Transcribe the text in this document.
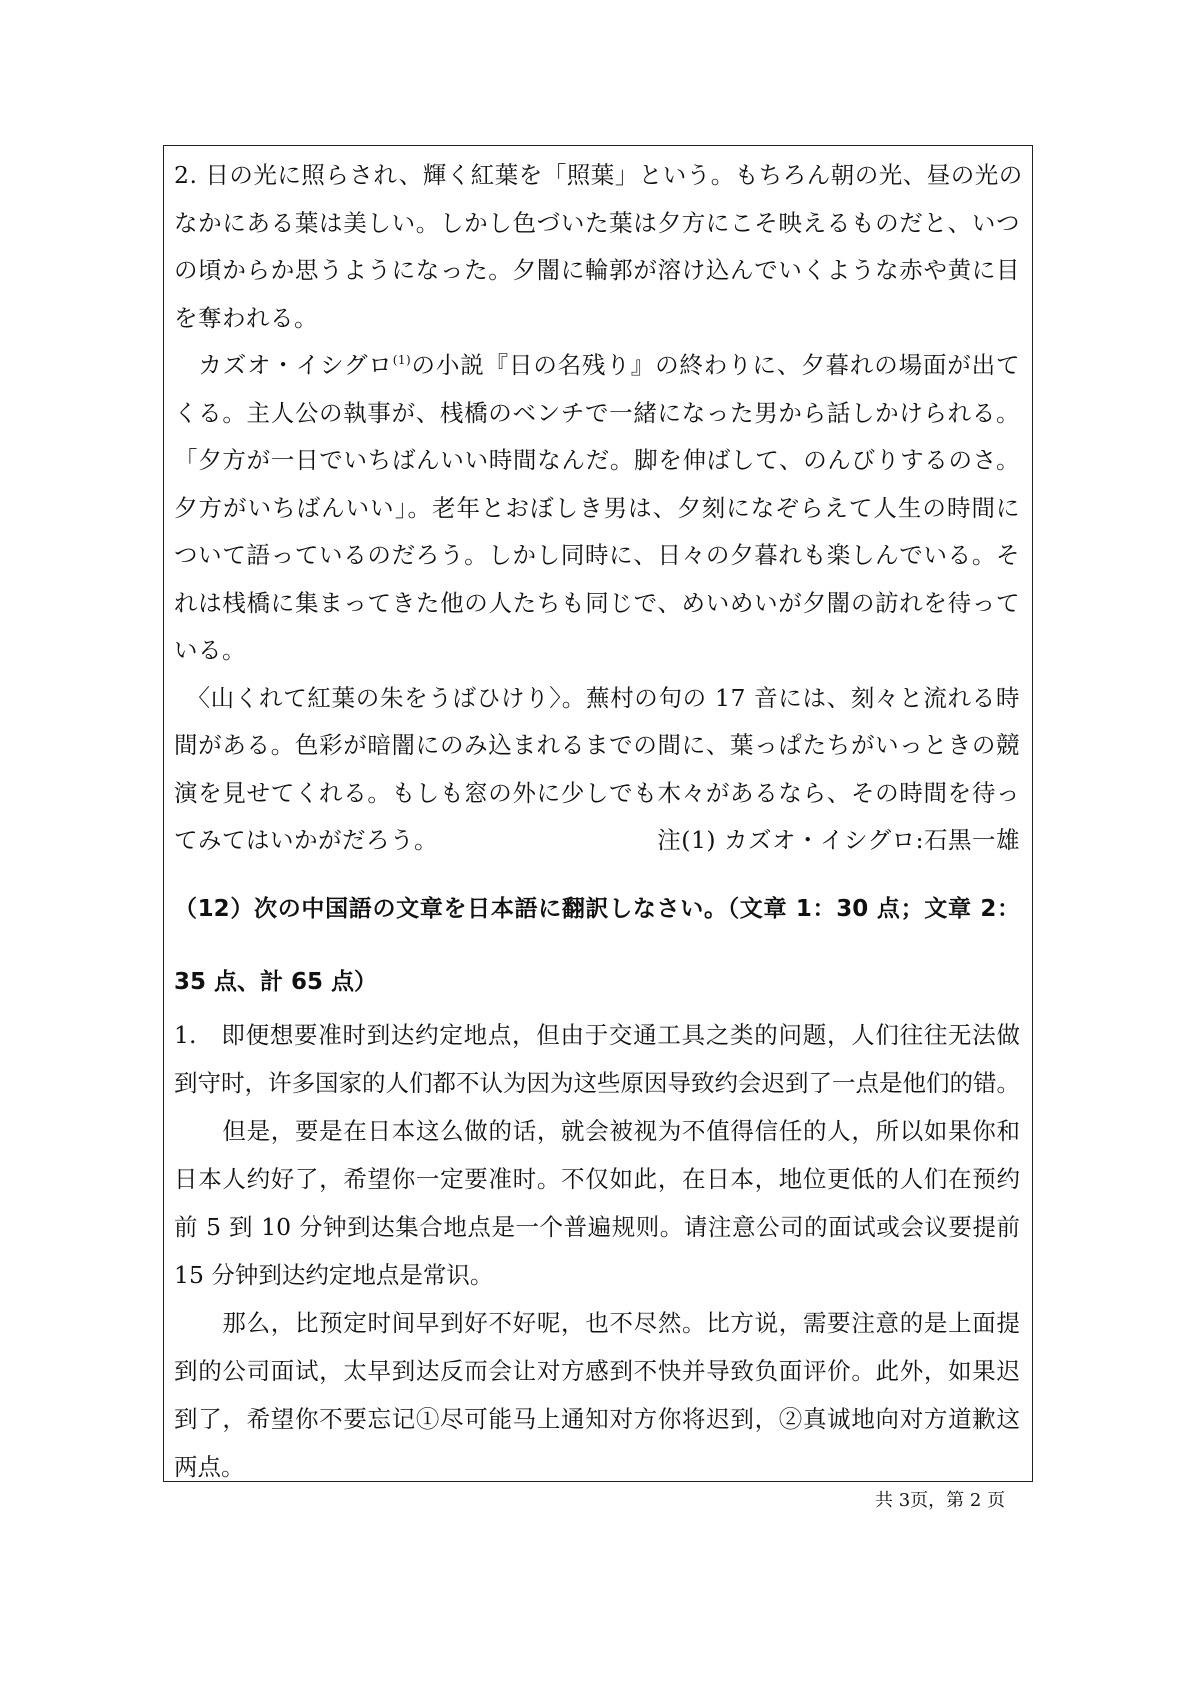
2. 日の光に照らされ、輝く紅葉を「照葉」という。もちろん朝の光、昼の光の
なかにある葉は美しい。しかし色づいた葉は夕方にこそ映えるものだと、いつ
の頃からか思うようになった。夕闇に輪郭が溶け込んでいくような赤や黄に目
を奪われる。
　カズオ・イシグロ$^{(1)}$の小説『日の名残り』の終わりに、夕暮れの場面が出て
くる。主人公の執事が、桟橋のベンチで一緒になった男から話しかけられる。
「夕方が一日でいちばんいい時間なんだ。脚を伸ばして、のんびりするのさ。
夕方がいちばんいい」。老年とおぼしき男は、夕刻になぞらえて人生の時間に
ついて語っているのだろう。しかし同時に、日々の夕暮れも楽しんでいる。そ
れは桟橋に集まってきた他の人たちも同じで、めいめいが夕闇の訪れを待って
いる。
　〈山くれて紅葉の朱をうばひけり〉。蕪村の句の 17 音には、刻々と流れる時
間がある。色彩が暗闇にのみ込まれるまでの間に、葉っぱたちがいっときの競
演を見せてくれる。もしも窓の外に少しでも木々があるなら、その時間を待っ
てみてはいかがだろう。	注(1) カズオ・イシグロ:石黒一雄
（12）次の中国語の文章を日本語に翻訳しなさい。（文章 1：30 点；文章 2：
35 点、計 65 点）
1.　即便想要准时到达约定地点，但由于交通工具之类的问题，人们往往无法做
到守时，许多国家的人们都不认为因为这些原因导致约会迟到了一点是他们的错。
　　但是，要是在日本这么做的话，就会被视为不值得信任的人，所以如果你和
日本人约好了，希望你一定要准时。不仅如此，在日本，地位更低的人们在预约
前 5 到 10 分钟到达集合地点是一个普遍规则。请注意公司的面试或会议要提前
15 分钟到达约定地点是常识。
　　那么，比预定时间早到好不好呢，也不尽然。比方说，需要注意的是上面提
到的公司面试，太早到达反而会让对方感到不快并导致负面评价。此外，如果迟
到了，希望你不要忘记①尽可能马上通知对方你将迟到，②真诚地向对方道歉这
两点。
共 3页，第 2 页
